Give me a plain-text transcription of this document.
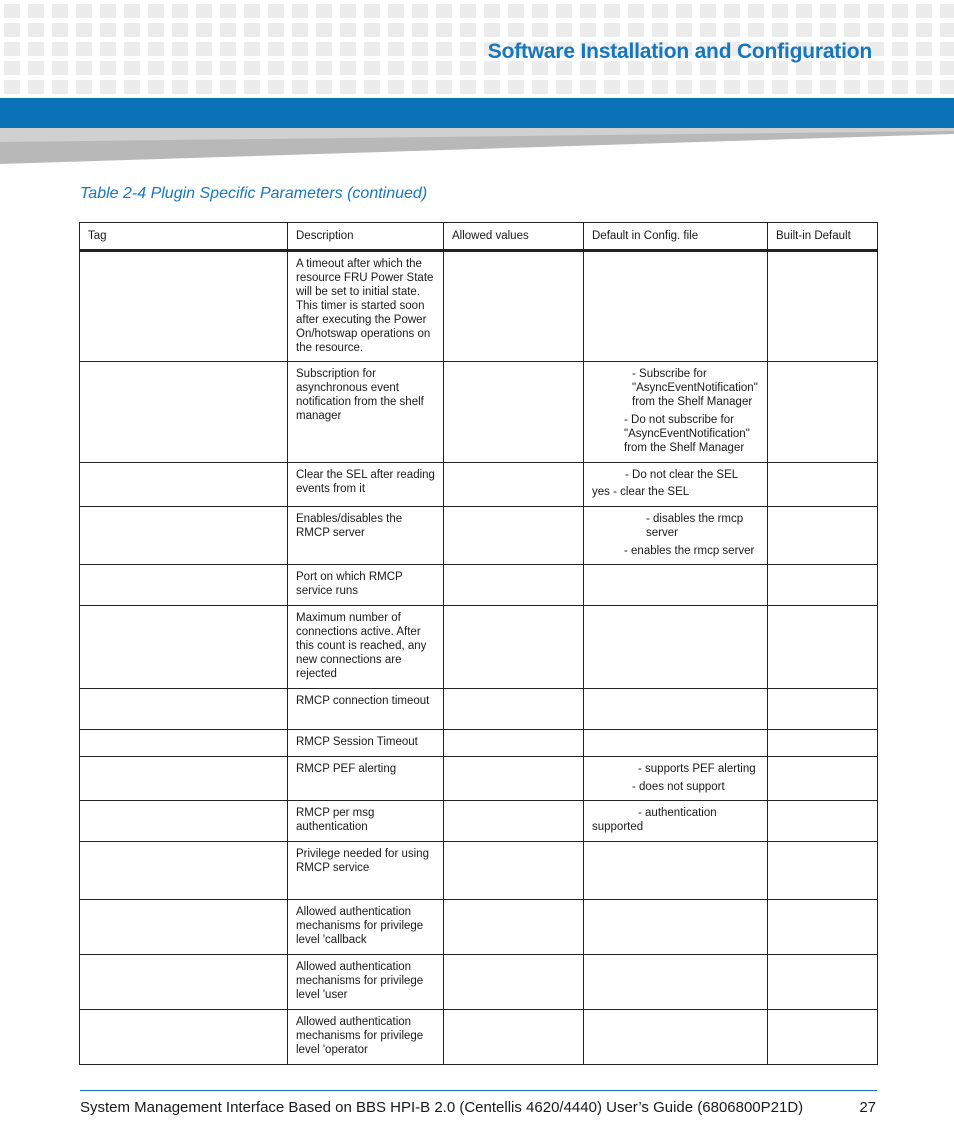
Software Installation and Configuration
Table 2-4 Plugin Specific Parameters (continued)
Tag	Description	Allowed values	Default in Config. file	Built-in Default
	A timeout after which the resource FRU Power State will be set to initial state. This timer is started soon after executing the Power On/hotswap operations on the resource.			
	Subscription for asynchronous event notification from the shelf manager		- Subscribe for "AsyncEventNotification" from the Shelf Manager
- Do not subscribe for "AsyncEventNotification" from the Shelf Manager	

	Clear the SEL after reading events from it		- Do not clear the SEL
yes - clear the SEL	

	Enables/disables the RMCP server		- disables the rmcp server
- enables the rmcp server	

	Port on which RMCP service runs			
	Maximum number of connections active. After this count is reached, any new connections are rejected			
	RMCP connection timeout			
	RMCP Session Timeout			
	RMCP PEF alerting		- supports PEF alerting
- does not support	

	RMCP per msg authentication		- authentication supported	

	Privilege needed for using RMCP service			
	Allowed authentication mechanisms for privilege level 'callback			
	Allowed authentication mechanisms for privilege level 'user			
	Allowed authentication mechanisms for privilege level 'operator			
System Management Interface Based on BBS HPI-B 2.0 (Centellis 4620/4440) User’s Guide (6806800P21D)	27
